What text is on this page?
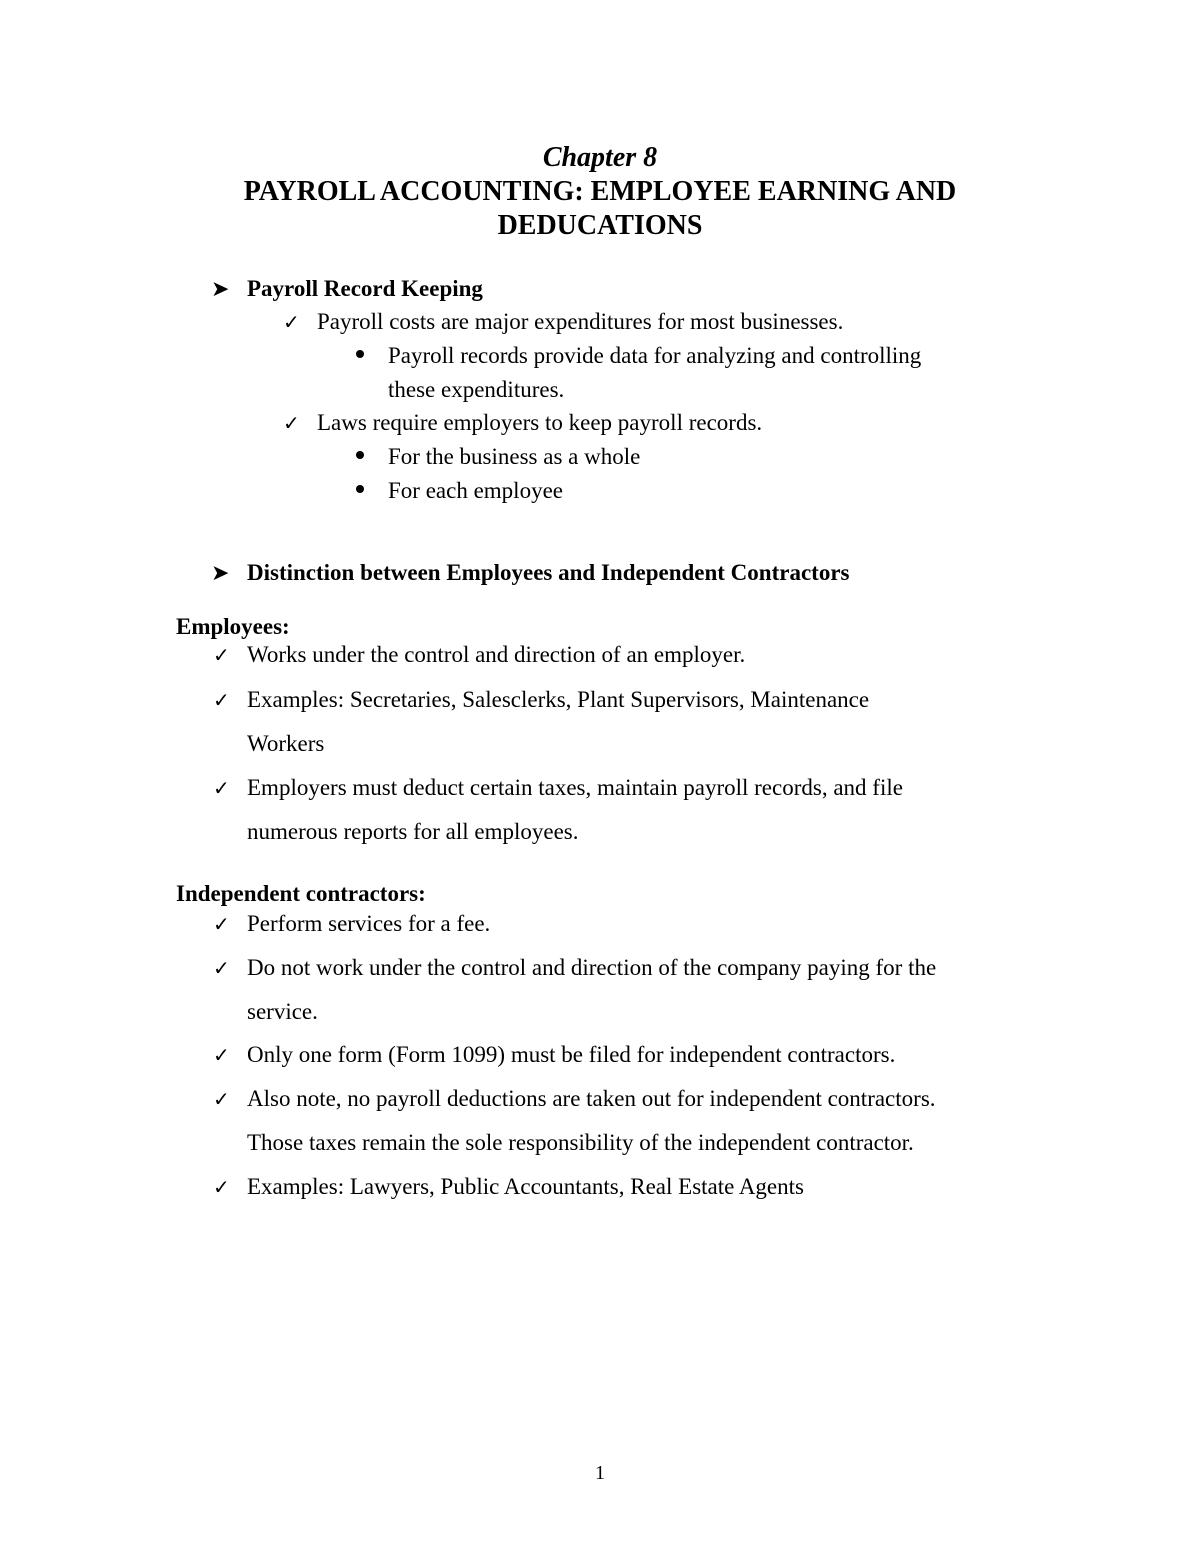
Chapter 8
PAYROLL ACCOUNTING: EMPLOYEE EARNING AND
DEDUCATIONS
➤ Payroll Record Keeping
✓ Payroll costs are major expenditures for most businesses.
Payroll records provide data for analyzing and controlling
these expenditures.
✓ Laws require employers to keep payroll records.
For the business as a whole
For each employee
➤ Distinction between Employees and Independent Contractors
Employees:
✓ Works under the control and direction of an employer.
✓ Examples: Secretaries, Salesclerks, Plant Supervisors, Maintenance
Workers
✓ Employers must deduct certain taxes, maintain payroll records, and file
numerous reports for all employees.
Independent contractors:
✓ Perform services for a fee.
✓ Do not work under the control and direction of the company paying for the
service.
✓ Only one form (Form 1099) must be filed for independent contractors.
✓ Also note, no payroll deductions are taken out for independent contractors.
Those taxes remain the sole responsibility of the independent contractor.
✓ Examples: Lawyers, Public Accountants, Real Estate Agents
1
